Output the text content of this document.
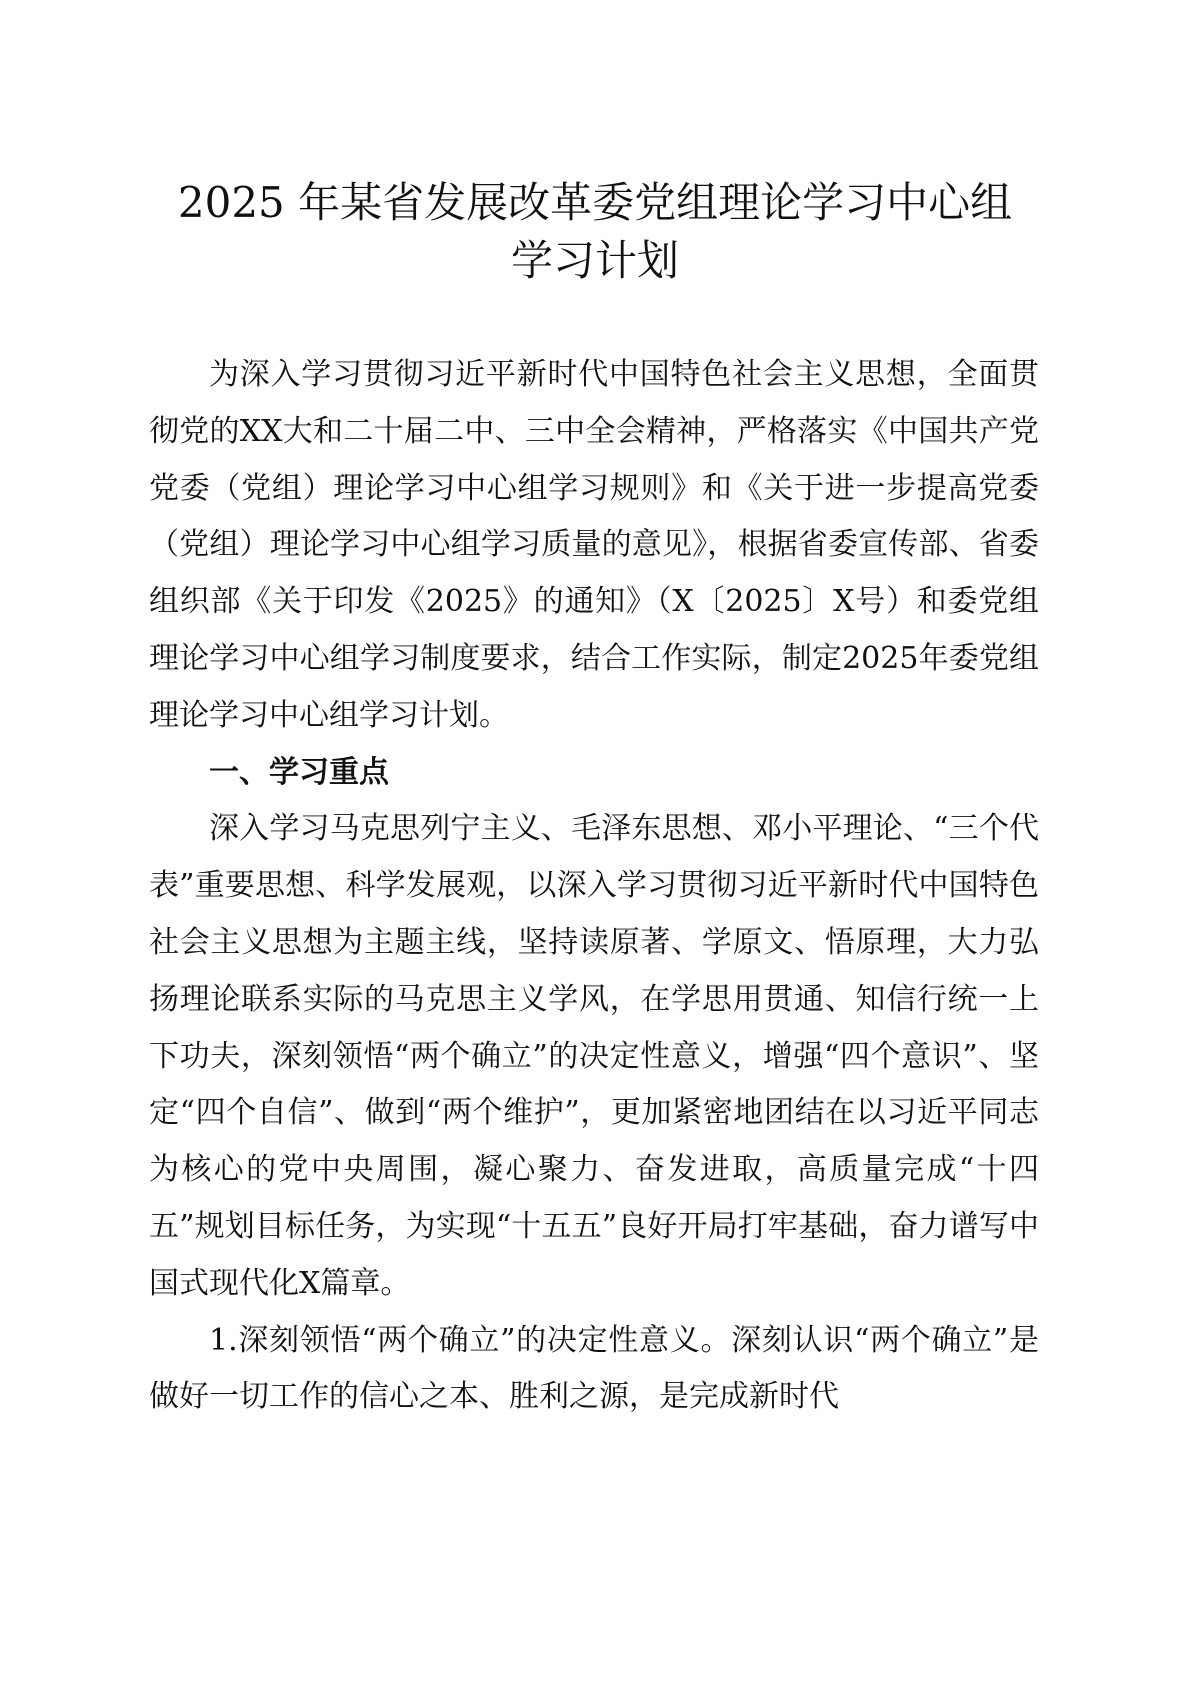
2025 年某省发展改革委党组理论学习中心组
学习计划

为深入学习贯彻习近平新时代中国特色社会主义思想，全面贯彻党的XX大和二十届二中、三中全会精神，严格落实《中国共产党党委（党组）理论学习中心组学习规则》和《关于进一步提高党委（党组）理论学习中心组学习质量的意见》，根据省委宣传部、省委组织部《关于印发《2025》的通知》（X〔2025〕X号）和委党组理论学习中心组学习制度要求，结合工作实际，制定2025年委党组理论学习中心组学习计划。

一、学习重点

深入学习马克思列宁主义、毛泽东思想、邓小平理论、“三个代表”重要思想、科学发展观，以深入学习贯彻习近平新时代中国特色社会主义思想为主题主线，坚持读原著、学原文、悟原理，大力弘扬理论联系实际的马克思主义学风，在学思用贯通、知信行统一上下功夫，深刻领悟“两个确立”的决定性意义，增强“四个意识”、坚定“四个自信”、做到“两个维护”，更加紧密地团结在以习近平同志为核心的党中央周围，凝心聚力、奋发进取，高质量完成“十四五”规划目标任务，为实现“十五五”良好开局打牢基础，奋力谱写中国式现代化X篇章。

1.深刻领悟“两个确立”的决定性意义。深刻认识“两个确立”是做好一切工作的信心之本、胜利之源，是完成新时代
